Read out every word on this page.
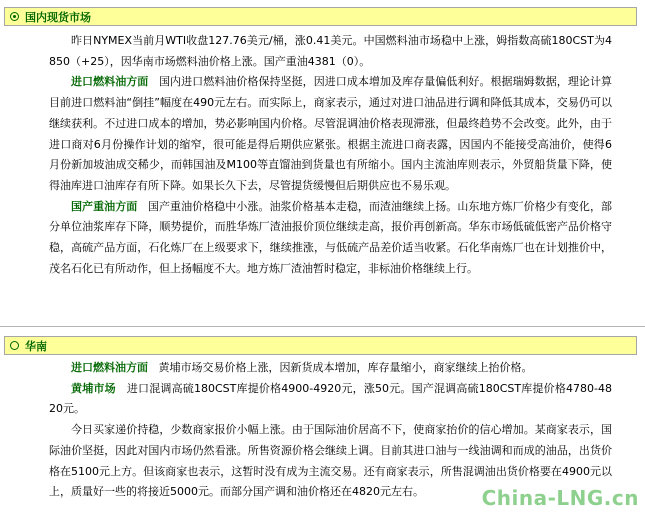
国内现货市场

昨日NYMEX当前月WTI收盘127.76美元/桶，涨0.41美元。中国燃料油市场稳中上涨，姆指数高硫180CST为4850（+25），因华南市场燃料油价格上涨。国产重油4381（0）。

进口燃料油方面 国内进口燃料油价格保持坚挺，因进口成本增加及库存量偏低利好。根据瑞姆数据，理论计算目前进口燃料油“倒挂”幅度在490元左右。而实际上，商家表示，通过对进口油品进行调和降低其成本，交易仍可以继续获利。不过进口成本的增加，势必影响国内价格。尽管混调油价格表现滞涨，但最终趋势不会改变。此外，由于进口商对6月份操作计划的缩窄，很可能是得后期供应紧张。根据主流进口商表露，因国内不能接受高油价，使得6月份新加坡油成交稀少，而韩国油及M100等直馏油到货量也有所缩小。国内主流油库则表示，外贸船货量下降，使得油库进口油库存有所下降。如果长久下去，尽管提货缓慢但后期供应也不易乐观。

国产重油方面 国产重油价格稳中小涨。油浆价格基本走稳，而渣油继续上扬。山东地方炼厂价格少有变化，部分单位油浆库存下降，顺势提价，而胜华炼厂渣油报价顶位继续走高，报价再创新高。华东市场低硫低密产品价格守稳，高硫产品方面，石化炼厂在上级要求下，继续推涨，与低硫产品差价适当收紧。石化华南炼厂也在计划推价中，茂名石化已有所动作，但上扬幅度不大。地方炼厂渣油暂时稳定，非标油价格继续上行。

华南

进口燃料油方面 黄埔市场交易价格上涨，因新货成本增加，库存量缩小，商家继续上抬价格。

黄埔市场 进口混调高硫180CST库提价格4900-4920元，涨50元。国产混调高硫180CST库提价格4780-4820元。

今日买家递价持稳，少数商家报价小幅上涨。由于国际油价居高不下，使商家抬价的信心增加。某商家表示，国际油价坚挺，因此对国内市场仍然看涨。所售资源价格会继续上调。目前其进口油与一线油调和而成的油品，出货价格在5100元上方。但该商家也表示，这暂时没有成为主流交易。还有商家表示，所售混调油出货价格要在4900元以上，质量好一些的将接近5000元。而部分国产调和油价格还在4820元左右。	China-LNG.cn
